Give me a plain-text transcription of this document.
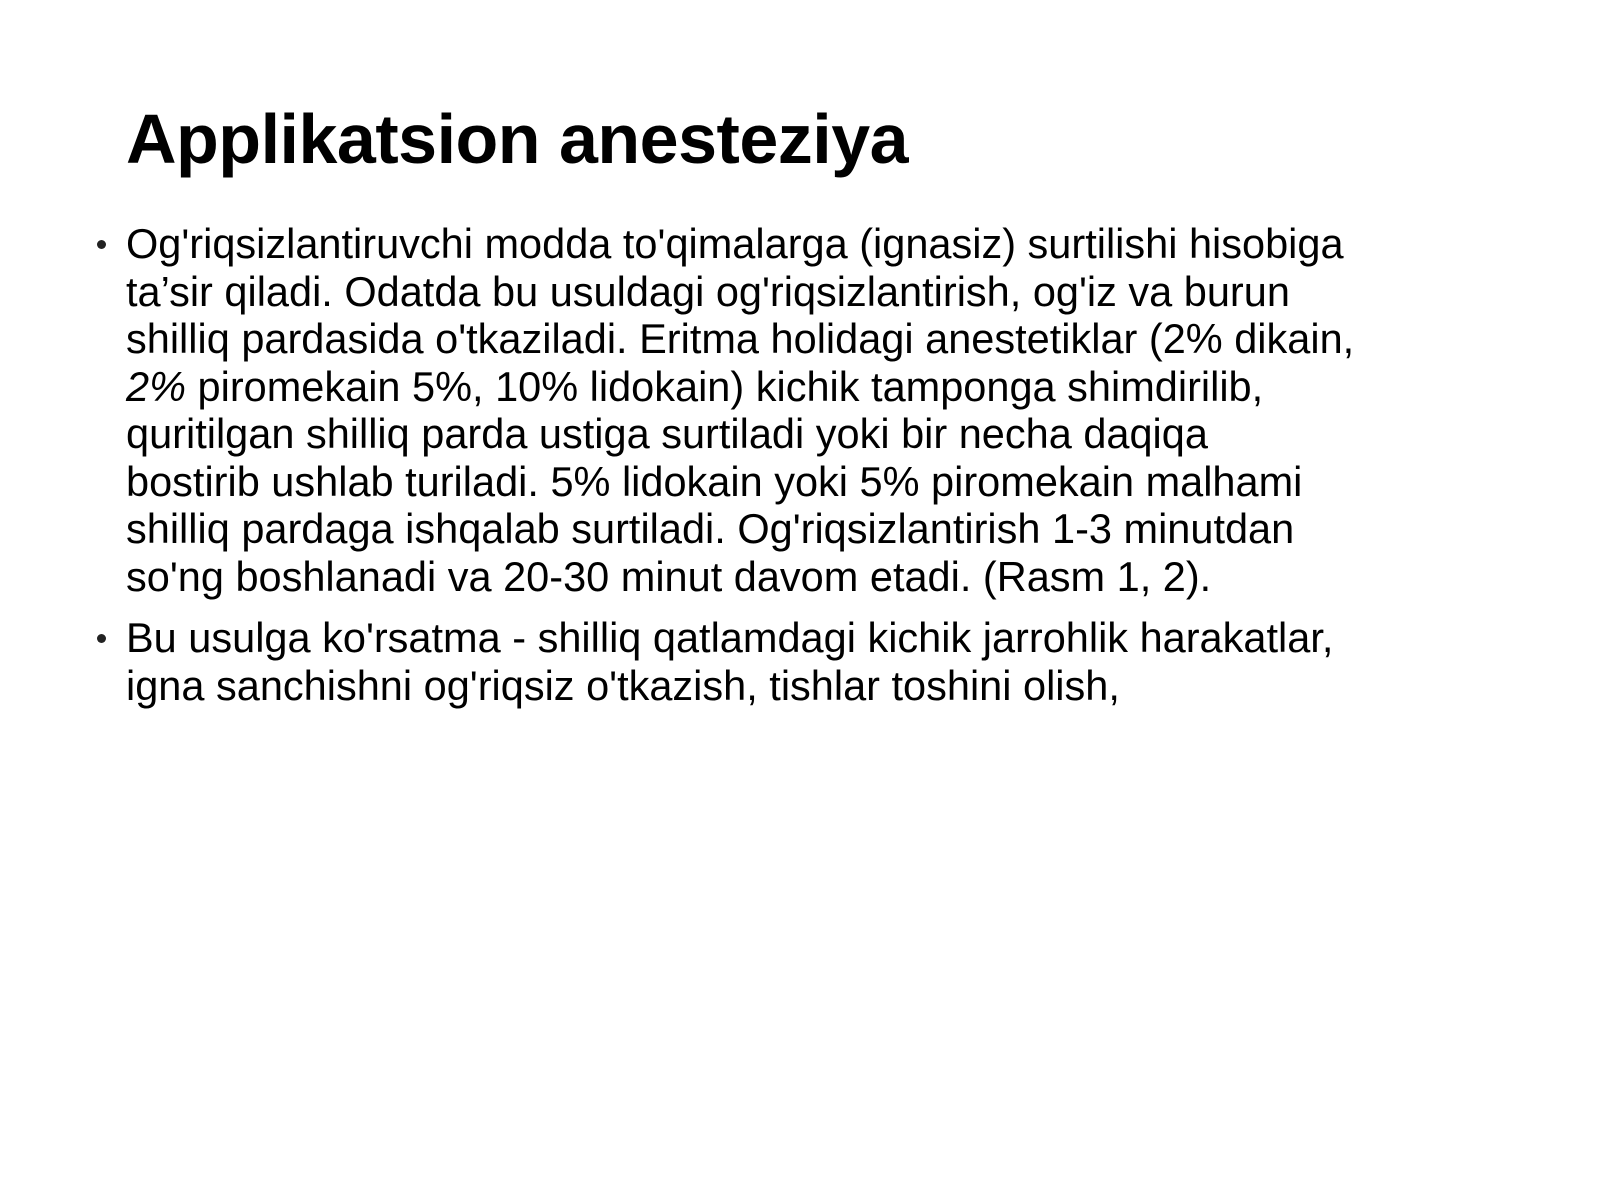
Applikatsion anesteziya
Og'riqsizlantiruvchi modda to'qimalarga (ignasiz) surtilishi hisobiga
ta’sir qiladi. Odatda bu usuldagi og'riqsizlantirish, og'iz va burun
shilliq pardasida o'tkaziladi. Eritma holidagi anestetiklar (2% dikain,
2% piromekain 5%, 10% lidokain) kichik tamponga shimdirilib,
quritilgan shilliq parda ustiga surtiladi yoki bir necha daqiqa
bostirib ushlab turiladi. 5% lidokain yoki 5% piromekain malhami
shilliq pardaga ishqalab surtiladi. Og'riqsizlantirish 1-3 minutdan
so'ng boshlanadi va 20-30 minut davom etadi. (Rasm 1, 2).
Bu usulga ko'rsatma - shilliq qatlamdagi kichik jarrohlik harakatlar,
igna sanchishni og'riqsiz o'tkazish, tishlar toshini olish,
